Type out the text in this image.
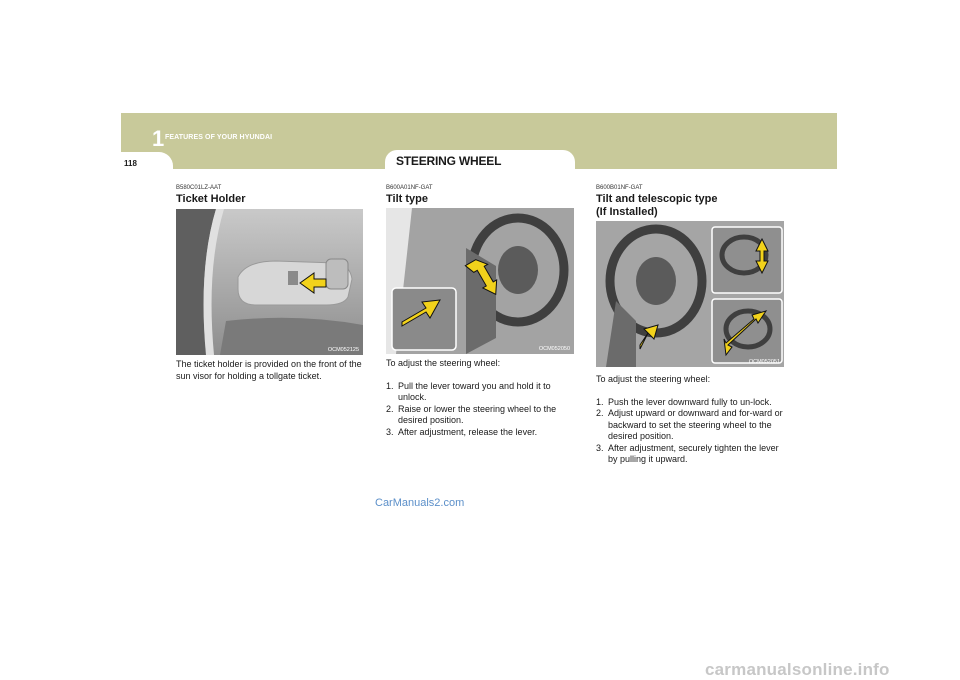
1 FEATURES OF YOUR HYUNDAI
118	STEERING WHEEL
B580C01LZ-AAT
Ticket Holder
OCM052125
The ticket holder is provided on the front of the sun visor for holding a tollgate ticket.
B600A01NF-GAT
Tilt type
OCM052050
To adjust the steering wheel:
1. Pull the lever toward you and hold it to unlock.
2. Raise or lower the steering wheel to the desired position.
3. After adjustment, release the lever.
B600B01NF-GAT
Tilt and telescopic type
(If Installed)
OCM052051
To adjust the steering wheel:
1. Push the lever downward fully to un-lock.
2. Adjust upward or downward and for-ward or backward to set the steering wheel to the desired position.
3. After adjustment, securely tighten the lever by pulling it upward.
CarManuals2.com
carmanualsonline.info
